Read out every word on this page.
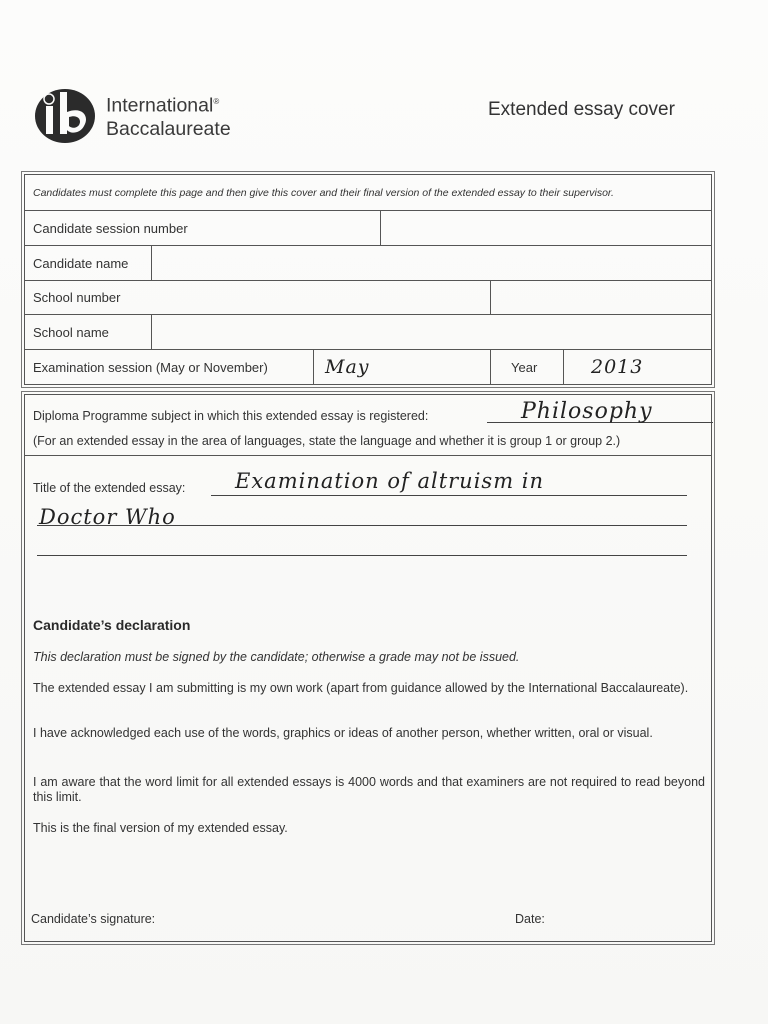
International®
Baccalaureate
Extended essay cover
Candidates must complete this page and then give this cover and their final version of the extended essay to their supervisor.
Candidate session number
Candidate name
School number
School name
Examination session (May or November)	May	Year	2013
Diploma Programme subject in which this extended essay is registered:	Philosophy
(For an extended essay in the area of languages, state the language and whether it is group 1 or group 2.)
Title of the extended essay: Examination of altruism in
Doctor Who
Candidate’s declaration
This declaration must be signed by the candidate; otherwise a grade may not be issued.
The extended essay I am submitting is my own work (apart from guidance allowed by the International Baccalaureate).
I have acknowledged each use of the words, graphics or ideas of another person, whether written, oral or visual.
I am aware that the word limit for all extended essays is 4000 words and that examiners are not required to read beyond this limit.
This is the final version of my extended essay.
Candidate’s signature:	Date:
